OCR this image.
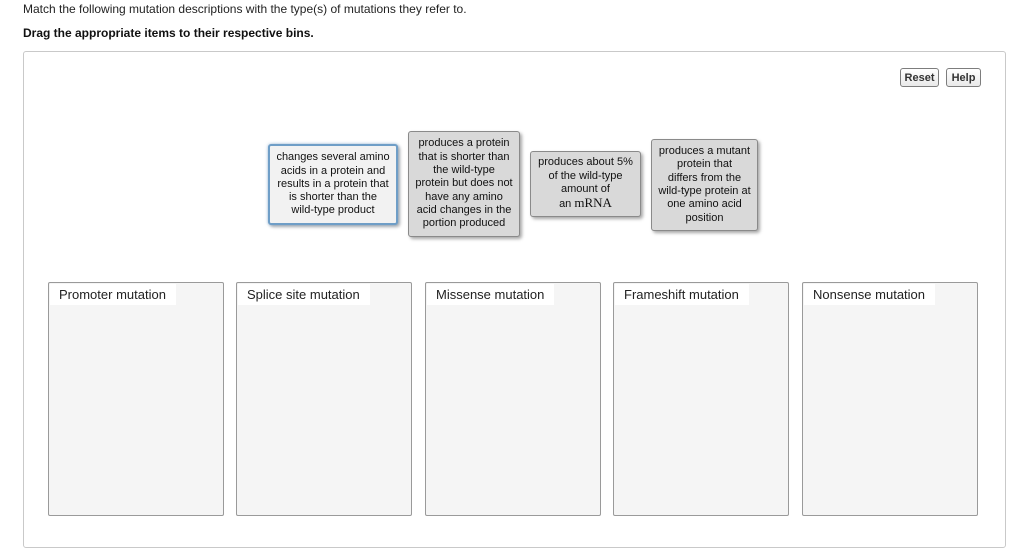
Match the following mutation descriptions with the type(s) of mutations they refer to.
Drag the appropriate items to their respective bins.
Reset	Help
changes several amino
acids in a protein and
results in a protein that
is shorter than the
wild-type product
produces a protein
that is shorter than
the wild-type
protein but does not
have any amino
acid changes in the
portion produced
produces about 5%
of the wild-type
amount of
an mRNA
produces a mutant
protein that
differs from the
wild-type protein at
one amino acid
position
Promoter mutation	Splice site mutation	Missense mutation	Frameshift mutation	Nonsense mutation
